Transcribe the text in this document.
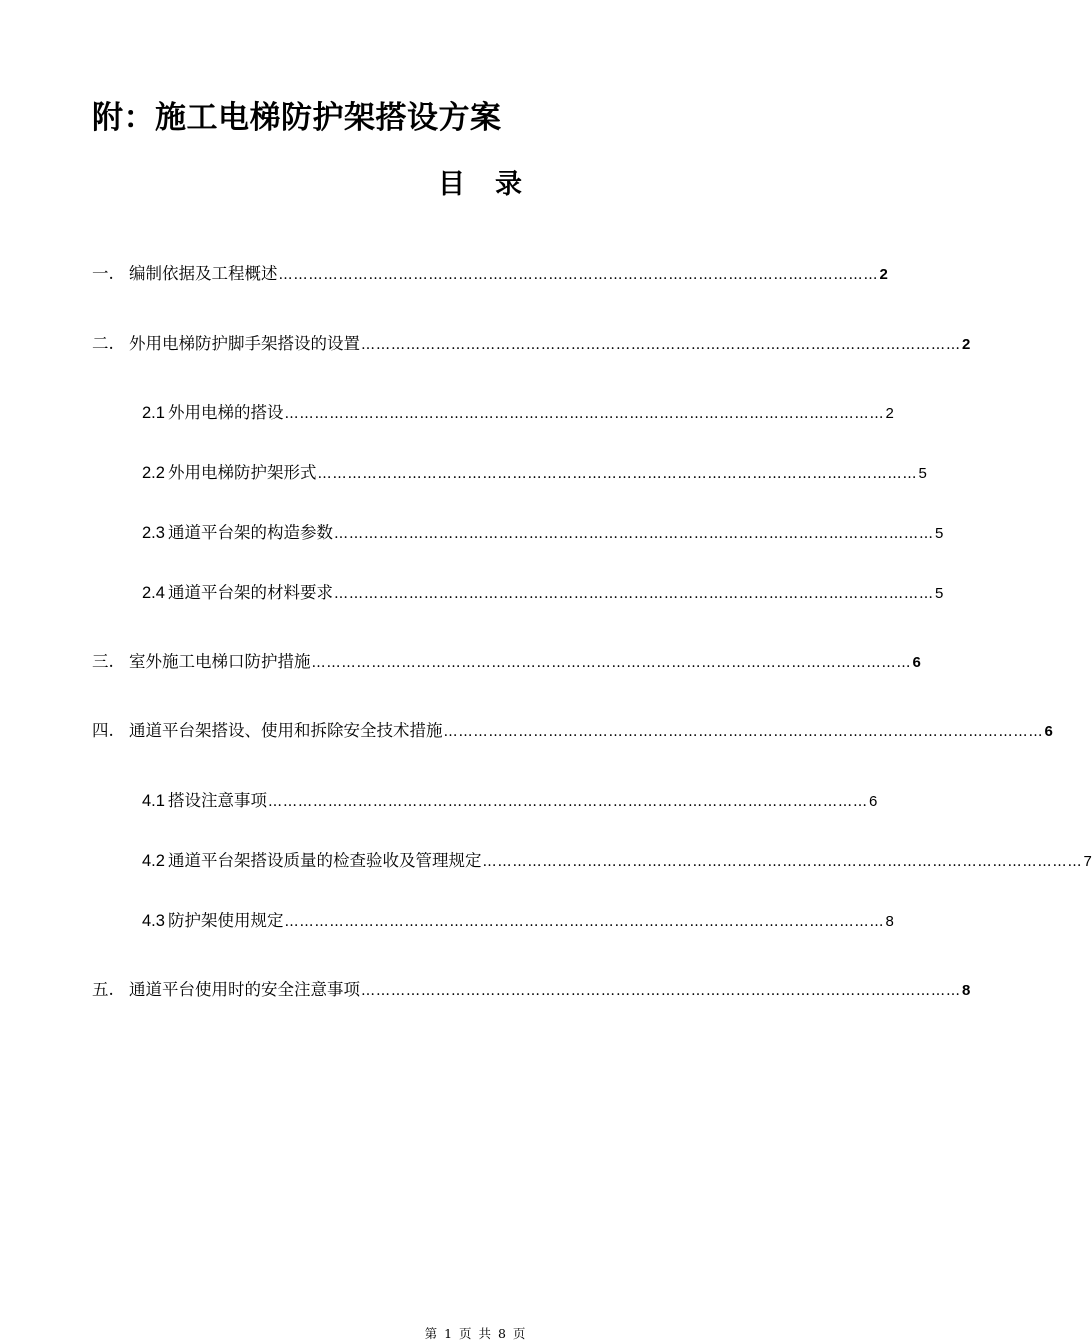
附：施工电梯防护架搭设方案
目录
一. 编制依据及工程概述 ………………………………………………………………………………………………………… 2
二. 外用电梯防护脚手架搭设的设置 ………………………………………………………………………………………………………… 2
2.1 外用电梯的搭设 ………………………………………………………………………………………………………… 2
2.2 外用电梯防护架形式 ………………………………………………………………………………………………………… 5
2.3 通道平台架的构造参数 ………………………………………………………………………………………………………… 5
2.4 通道平台架的材料要求 ………………………………………………………………………………………………………… 5
三. 室外施工电梯口防护措施 ………………………………………………………………………………………………………… 6
四. 通道平台架搭设、使用和拆除安全技术措施 ………………………………………………………………………………………………………… 6
4.1 搭设注意事项 ………………………………………………………………………………………………………… 6
4.2 通道平台架搭设质量的检查验收及管理规定 ………………………………………………………………………………………………………… 7
4.3 防护架使用规定 ………………………………………………………………………………………………………… 8
五. 通道平台使用时的安全注意事项 ………………………………………………………………………………………………………… 8
第 1 页 共 8 页
